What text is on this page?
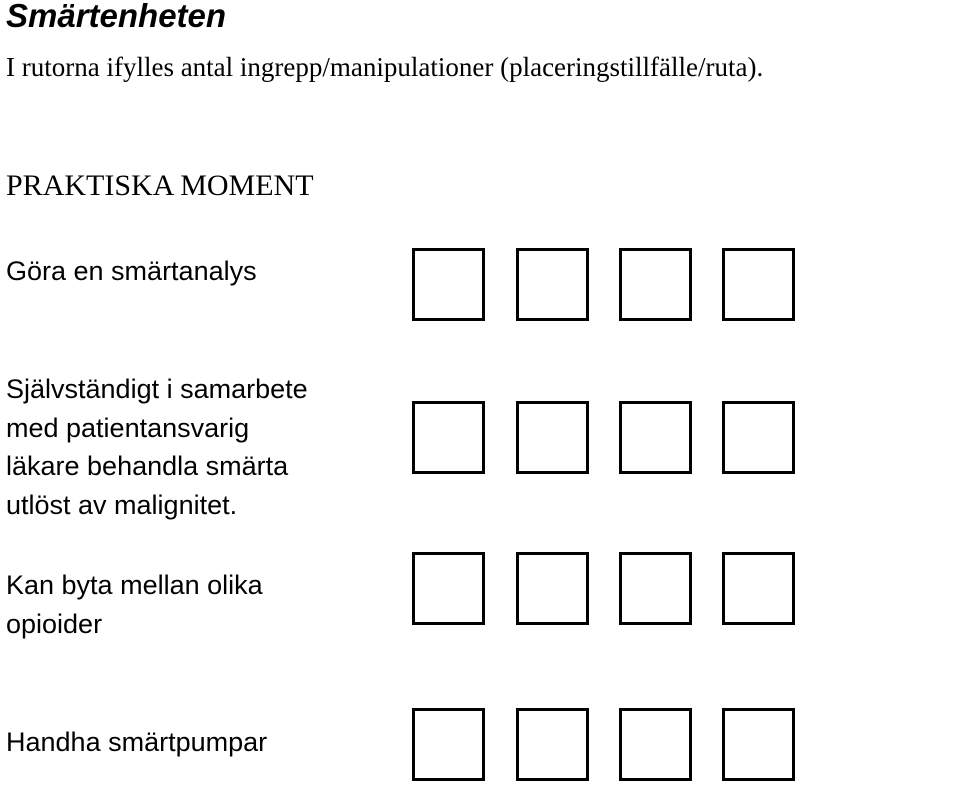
Smärtenheten
I rutorna ifylles antal ingrepp/manipulationer (placeringstillfälle/ruta).
PRAKTISKA MOMENT
Göra en smärtanalys
Självständigt i samarbete
med patientansvarig
läkare behandla smärta
utlöst av malignitet.
Kan byta mellan olika
opioider
Handha smärtpumpar
